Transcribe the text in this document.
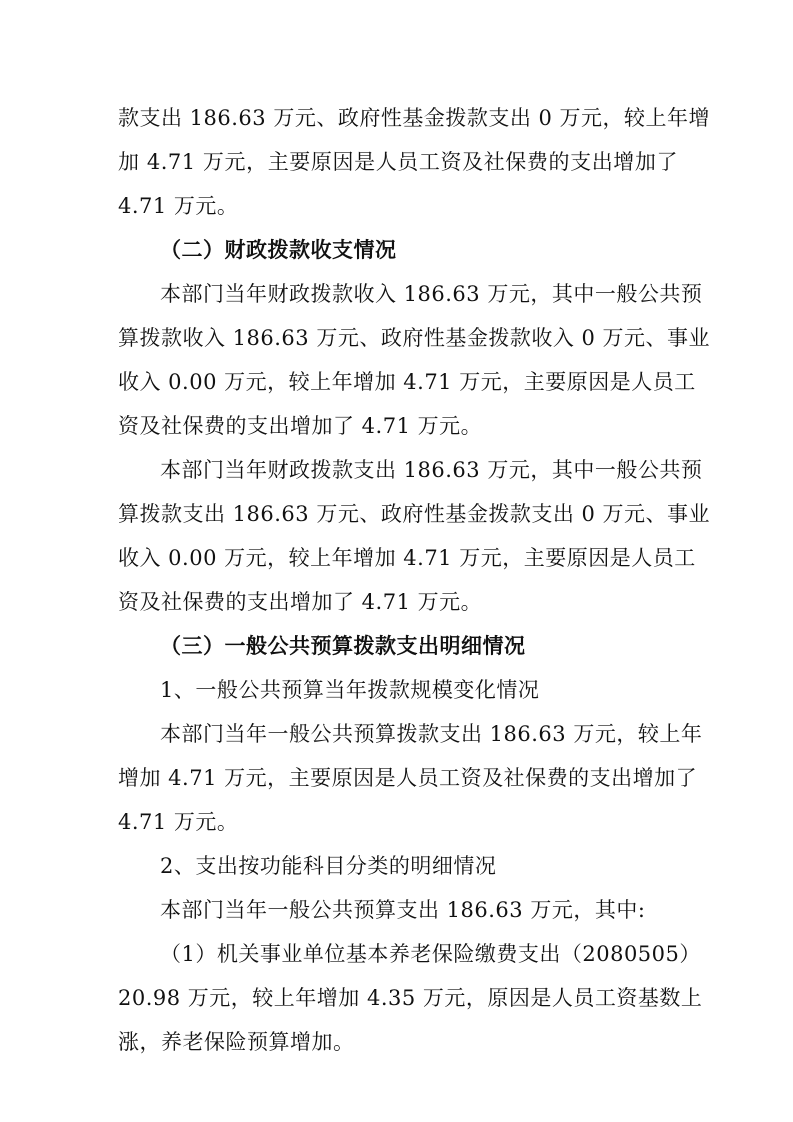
款支出 186.63 万元、政府性基金拨款支出 0 万元，较上年增
加 4.71 万元，主要原因是人员工资及社保费的支出增加了
4.71 万元。
（二）财政拨款收支情况
本部门当年财政拨款收入 186.63 万元，其中一般公共预
算拨款收入 186.63 万元、政府性基金拨款收入 0 万元、事业
收入 0.00 万元，较上年增加 4.71 万元，主要原因是人员工
资及社保费的支出增加了 4.71 万元。
本部门当年财政拨款支出 186.63 万元，其中一般公共预
算拨款支出 186.63 万元、政府性基金拨款支出 0 万元、事业
收入 0.00 万元，较上年增加 4.71 万元，主要原因是人员工
资及社保费的支出增加了 4.71 万元。
（三）一般公共预算拨款支出明细情况
1、一般公共预算当年拨款规模变化情况
本部门当年一般公共预算拨款支出 186.63 万元，较上年
增加 4.71 万元，主要原因是人员工资及社保费的支出增加了
4.71 万元。
2、支出按功能科目分类的明细情况
本部门当年一般公共预算支出 186.63 万元，其中:
（1）机关事业单位基本养老保险缴费支出（2080505）
20.98 万元，较上年增加 4.35 万元，原因是人员工资基数上
涨，养老保险预算增加。
